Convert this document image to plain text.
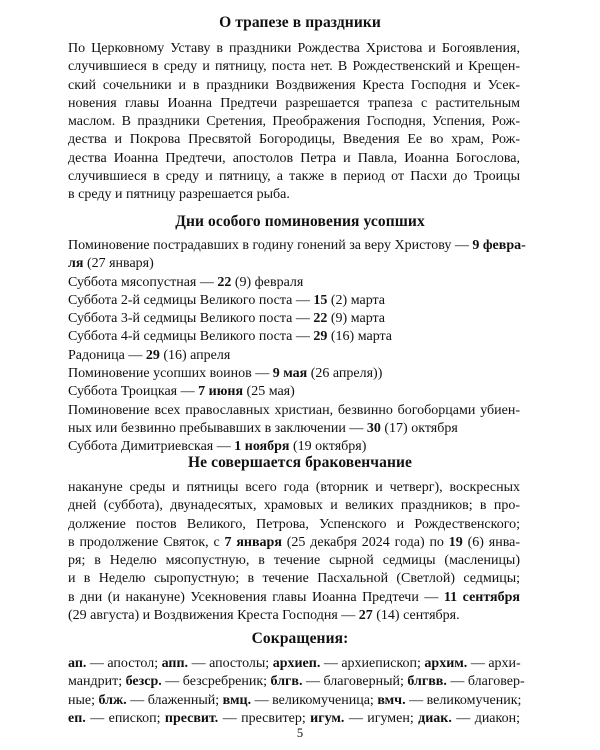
О трапезе в праздники
По Церковному Уставу в праздники Рождества Христова и Богоявления,
случившиеся в среду и пятницу, поста нет. В Рождественский и Крещен-
ский сочельники и в праздники Воздвижения Креста Господня и Усек-
новения главы Иоанна Предтечи разрешается трапеза с растительным
маслом. В праздники Сретения, Преображения Господня, Успения, Рож-
дества и Покрова Пресвятой Богородицы, Введения Ее во храм, Рож-
дества Иоанна Предтечи, апостолов Петра и Павла, Иоанна Богослова,
случившиеся в среду и пятницу, а также в период от Пасхи до Троицы
в среду и пятницу разрешается рыба.
Дни особого поминовения усопших
Поминовение пострадавших в годину гонений за веру Христову — 9 февра-
ля (27 января)
Суббота мясопустная — 22 (9) февраля
Суббота 2-й седмицы Великого поста — 15 (2) марта
Суббота 3-й седмицы Великого поста — 22 (9) марта
Суббота 4-й седмицы Великого поста — 29 (16) марта
Радоница — 29 (16) апреля
Поминовение усопших воинов — 9 мая (26 апреля))
Суббота Троицкая — 7 июня (25 мая)
Поминовение всех православных христиан, безвинно богоборцами убиен-
ных или безвинно пребывавших в заключении — 30 (17) октября
Суббота Димитриевская — 1 ноября (19 октября)
Не совершается браковенчание
накануне среды и пятницы всего года (вторник и четверг), воскресных
дней (суббота), двунадесятых, храмовых и великих праздников; в про-
должение постов Великого, Петрова, Успенского и Рождественского;
в продолжение Святок, с 7 января (25 декабря 2024 года) по 19 (6) янва-
ря; в Неделю мясопустную, в течение сырной седмицы (масленицы)
и в Неделю сыропустную; в течение Пасхальной (Светлой) седмицы;
в дни (и накануне) Усекновения главы Иоанна Предтечи — 11 сентября
(29 августа) и Воздвижения Креста Господня — 27 (14) сентября.
Сокращения:
ап. — апостол; апп. — апостолы; архиеп. — архиепископ; архим. — архи-
мандрит; безср. — безсребреник; блгв. — благоверный; блгвв. — благовер-
ные; блж. — блаженный; вмц. — великомученица; вмч. — великомученик;
еп. — епископ; пресвит. — пресвитер; игум. — игумен; диак. — диакон;
5
